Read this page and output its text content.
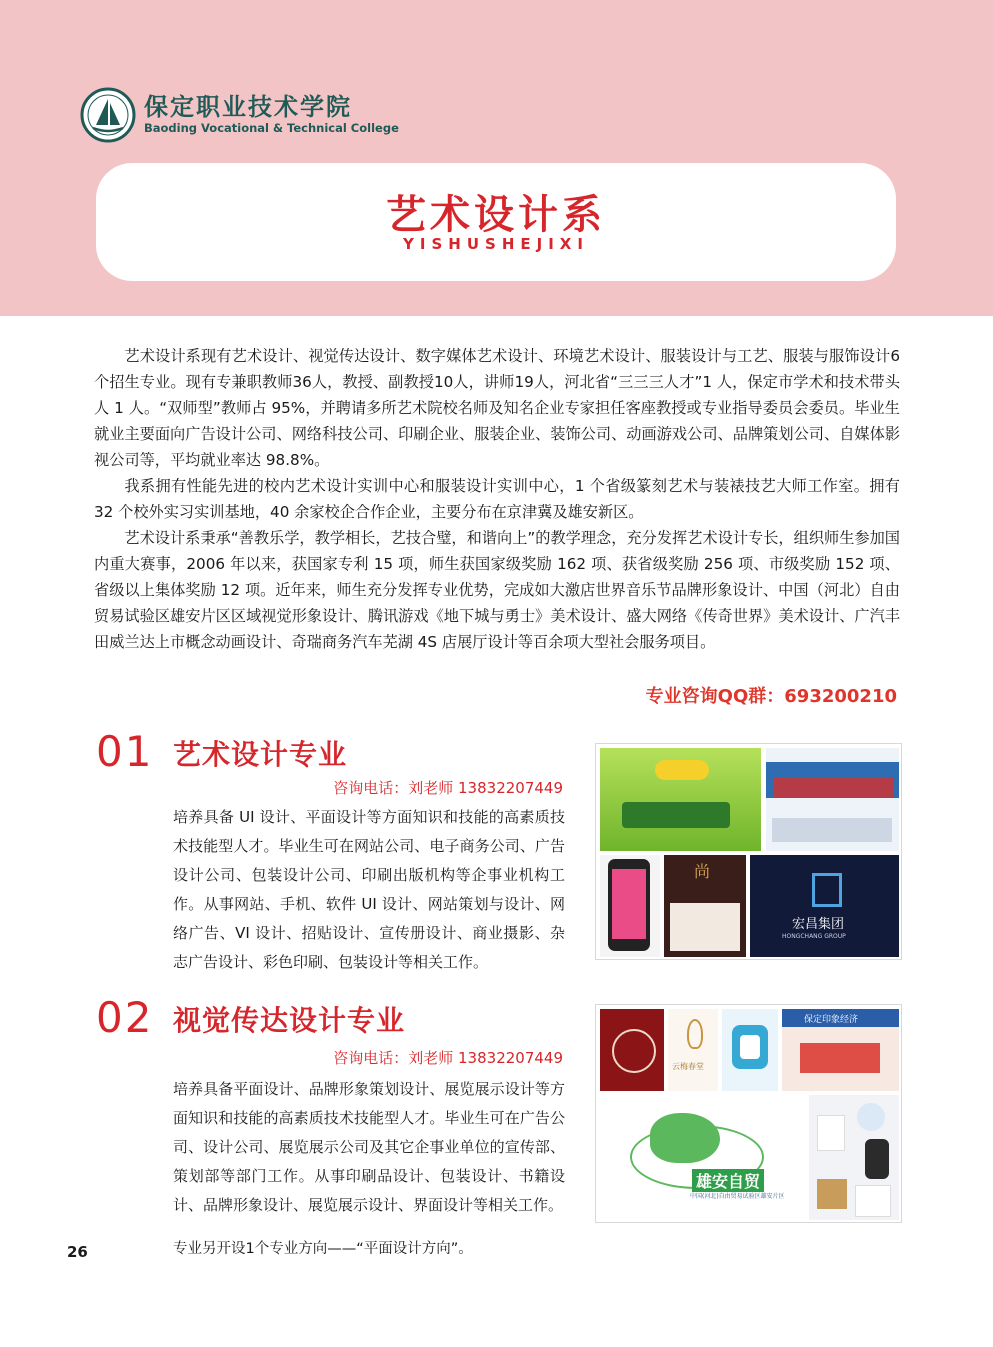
保定职业技术学院
Baoding Vocational & Technical College
艺术设计系
YISHUSHEJIXI

艺术设计系现有艺术设计、视觉传达设计、数字媒体艺术设计、环境艺术设计、服装设计与工艺、服装与服饰设计6个招生专业。现有专兼职教师36人，教授、副教授10人，讲师19人，河北省“三三三人才”1 人，保定市学术和技术带头人 1 人。“双师型”教师占 95%，并聘请多所艺术院校名师及知名企业专家担任客座教授或专业指导委员会委员。毕业生就业主要面向广告设计公司、网络科技公司、印刷企业、服装企业、装饰公司、动画游戏公司、品牌策划公司、自媒体影视公司等，平均就业率达 98.8%。

我系拥有性能先进的校内艺术设计实训中心和服装设计实训中心，1 个省级篆刻艺术与装裱技艺大师工作室。拥有 32 个校外实习实训基地，40 余家校企合作企业，主要分布在京津冀及雄安新区。

艺术设计系秉承“善教乐学，教学相长，艺技合璧，和谐向上”的教学理念，充分发挥艺术设计专长，组织师生参加国内重大赛事，2006 年以来，获国家专利 15 项，师生获国家级奖励 162 项、获省级奖励 256 项、市级奖励 152 项、省级以上集体奖励 12 项。近年来，师生充分发挥专业优势，完成如大激店世界音乐节品牌形象设计、中国（河北）自由贸易试验区雄安片区区域视觉形象设计、腾讯游戏《地下城与勇士》美术设计、盛大网络《传奇世界》美术设计、广汽丰田威兰达上市概念动画设计、奇瑞商务汽车芜湖 4S 店展厅设计等百余项大型社会服务项目。

专业咨询QQ群：693200210
01 艺术设计专业
咨询电话：刘老师 13832207449
培养具备 UI 设计、平面设计等方面知识和技能的高素质技术技能型人才。毕业生可在网站公司、电子商务公司、广告设计公司、包装设计公司、印刷出版机构等企事业机构工作。从事网站、手机、软件 UI 设计、网站策划与设计、网络广告、VI 设计、招贴设计、宣传册设计、商业摄影、杂志广告设计、彩色印刷、包装设计等相关工作。
尚
宏昌集团
HONGCHANG GROUP
02 视觉传达设计专业
咨询电话：刘老师 13832207449
培养具备平面设计、品牌形象策划设计、展览展示设计等方面知识和技能的高素质技术技能型人才。毕业生可在广告公司、设计公司、展览展示公司及其它企事业单位的宣传部、策划部等部门工作。从事印刷品设计、包装设计、书籍设计、品牌形象设计、展览展示设计、界面设计等相关工作。
专业另开设1个专业方向——“平面设计方向”。
云梅春堂
保定印象经济
雄安自贸
中国(河北)自由贸易试验区雄安片区
26
